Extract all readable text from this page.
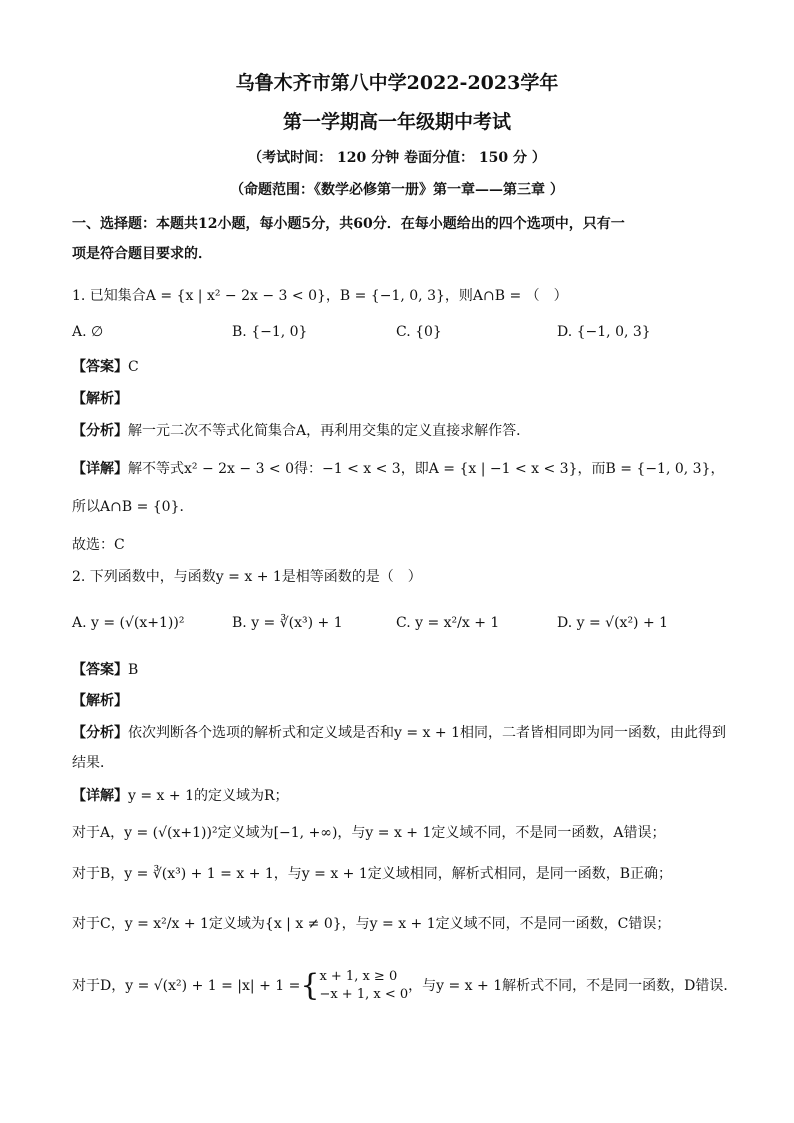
乌鲁木齐市第八中学2022-2023学年
第一学期高一年级期中考试
（考试时间： 120 分钟 卷面分值： 150 分 ）
（命题范围：《数学必修第一册》第一章——第三章 ）
一、选择题：本题共12小题，每小题5分，共60分．在每小题给出的四个选项中，只有一
项是符合题目要求的．
1. 已知集合A = {x | x² − 2x − 3 < 0}，B = {−1, 0, 3}，则A∩B = （　）
A. ∅	B. {−1, 0}	C. {0}	D. {−1, 0, 3}
【答案】C
【解析】
【分析】解一元二次不等式化简集合A，再利用交集的定义直接求解作答．
【详解】解不等式x² − 2x − 3 < 0得：−1 < x < 3，即A = {x | −1 < x < 3}，而B = {−1, 0, 3}，
所以A∩B = {0}．
故选：C
2. 下列函数中，与函数y = x + 1是相等函数的是（　）
A. y = (√(x+1))²	B. y = ∛(x³) + 1	C. y = x²/x + 1	D. y = √(x²) + 1
【答案】B
【解析】
【分析】依次判断各个选项的解析式和定义域是否和y = x + 1相同，二者皆相同即为同一函数，由此得到
结果．
【详解】y = x + 1的定义域为R；
对于A，y = (√(x+1))²定义域为[−1, +∞)，与y = x + 1定义域不同，不是同一函数，A错误；
对于B，y = ∛(x³) + 1 = x + 1，与y = x + 1定义域相同，解析式相同，是同一函数，B正确；
对于C，y = x²/x + 1定义域为{x | x ≠ 0}，与y = x + 1定义域不同，不是同一函数，C错误；
对于D，y = √(x²) + 1 = |x| + 1 ={ x + 1, x ≥ 0
−x + 1, x < 0
，与y = x + 1解析式不同，不是同一函数，D错误．
